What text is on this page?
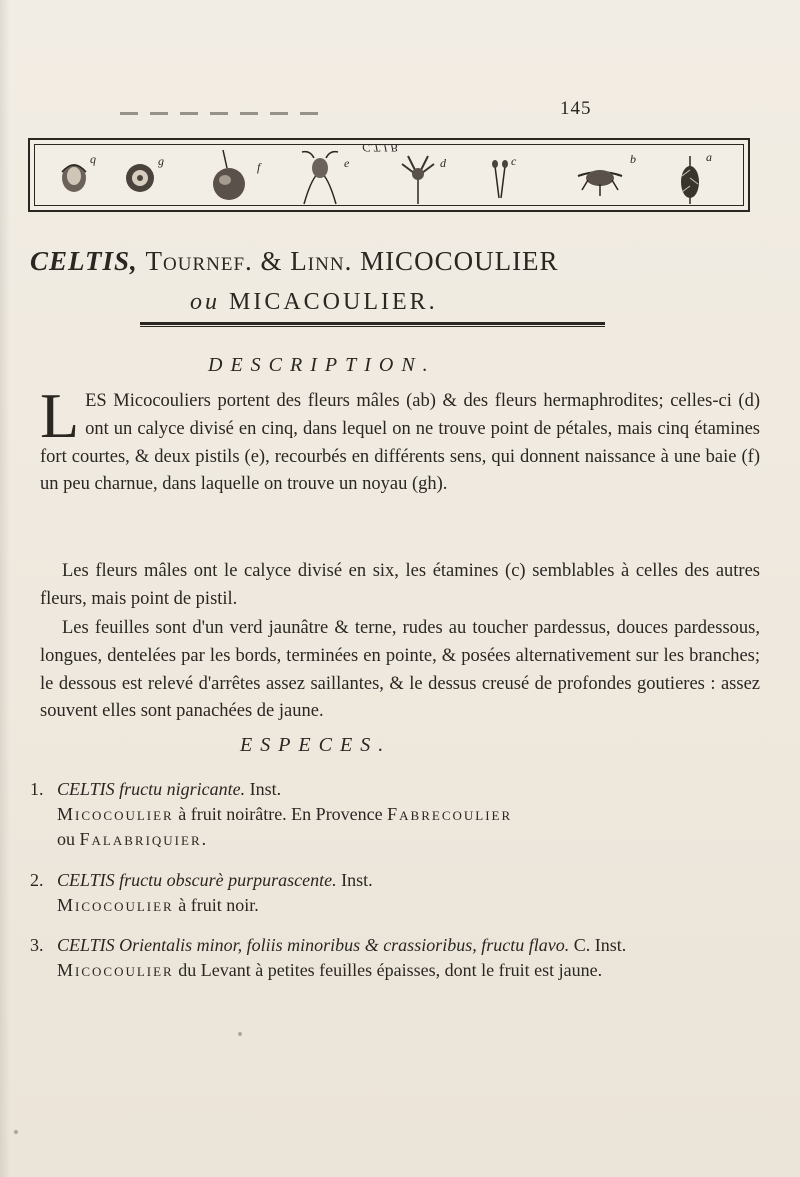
145
C.T.J.B.
q	g	f	e	d	c	b	a
CELTIS, Tournef. & Linn. MICOCOULIER
ou MICACOULIER.
DESCRIPTION.

LES Micocouliers portent des fleurs mâles (ab) & des fleurs hermaphrodites; celles-ci (d) ont un calyce divisé en cinq, dans lequel on ne trouve point de pétales, mais cinq étamines fort courtes, & deux pistils (e), recourbés en différents sens, qui donnent naissance à une baie (f) un peu charnue, dans laquelle on trouve un noyau (gh).

Les fleurs mâles ont le calyce divisé en six, les étamines (c) semblables à celles des autres fleurs, mais point de pistil.

Les feuilles sont d'un verd jaunâtre & terne, rudes au toucher pardessus, douces pardessous, longues, dentelées par les bords, terminées en pointe, & posées alternativement sur les branches; le dessous est relevé d'arrêtes assez saillantes, & le dessus creusé de profondes goutieres : assez souvent elles sont panachées de jaune.

ESPECES.
1. CELTIS fructu nigricante. Inst.
Micocoulier à fruit noirâtre. En Provence Fabrecoulier
ou Falabriquier.
2. CELTIS fructu obscurè purpurascente. Inst.
Micocoulier à fruit noir.
3. CELTIS Orientalis minor, foliis minoribus & crassioribus, fructu flavo. C. Inst.
Micocoulier du Levant à petites feuilles épaisses, dont le fruit est jaune.
